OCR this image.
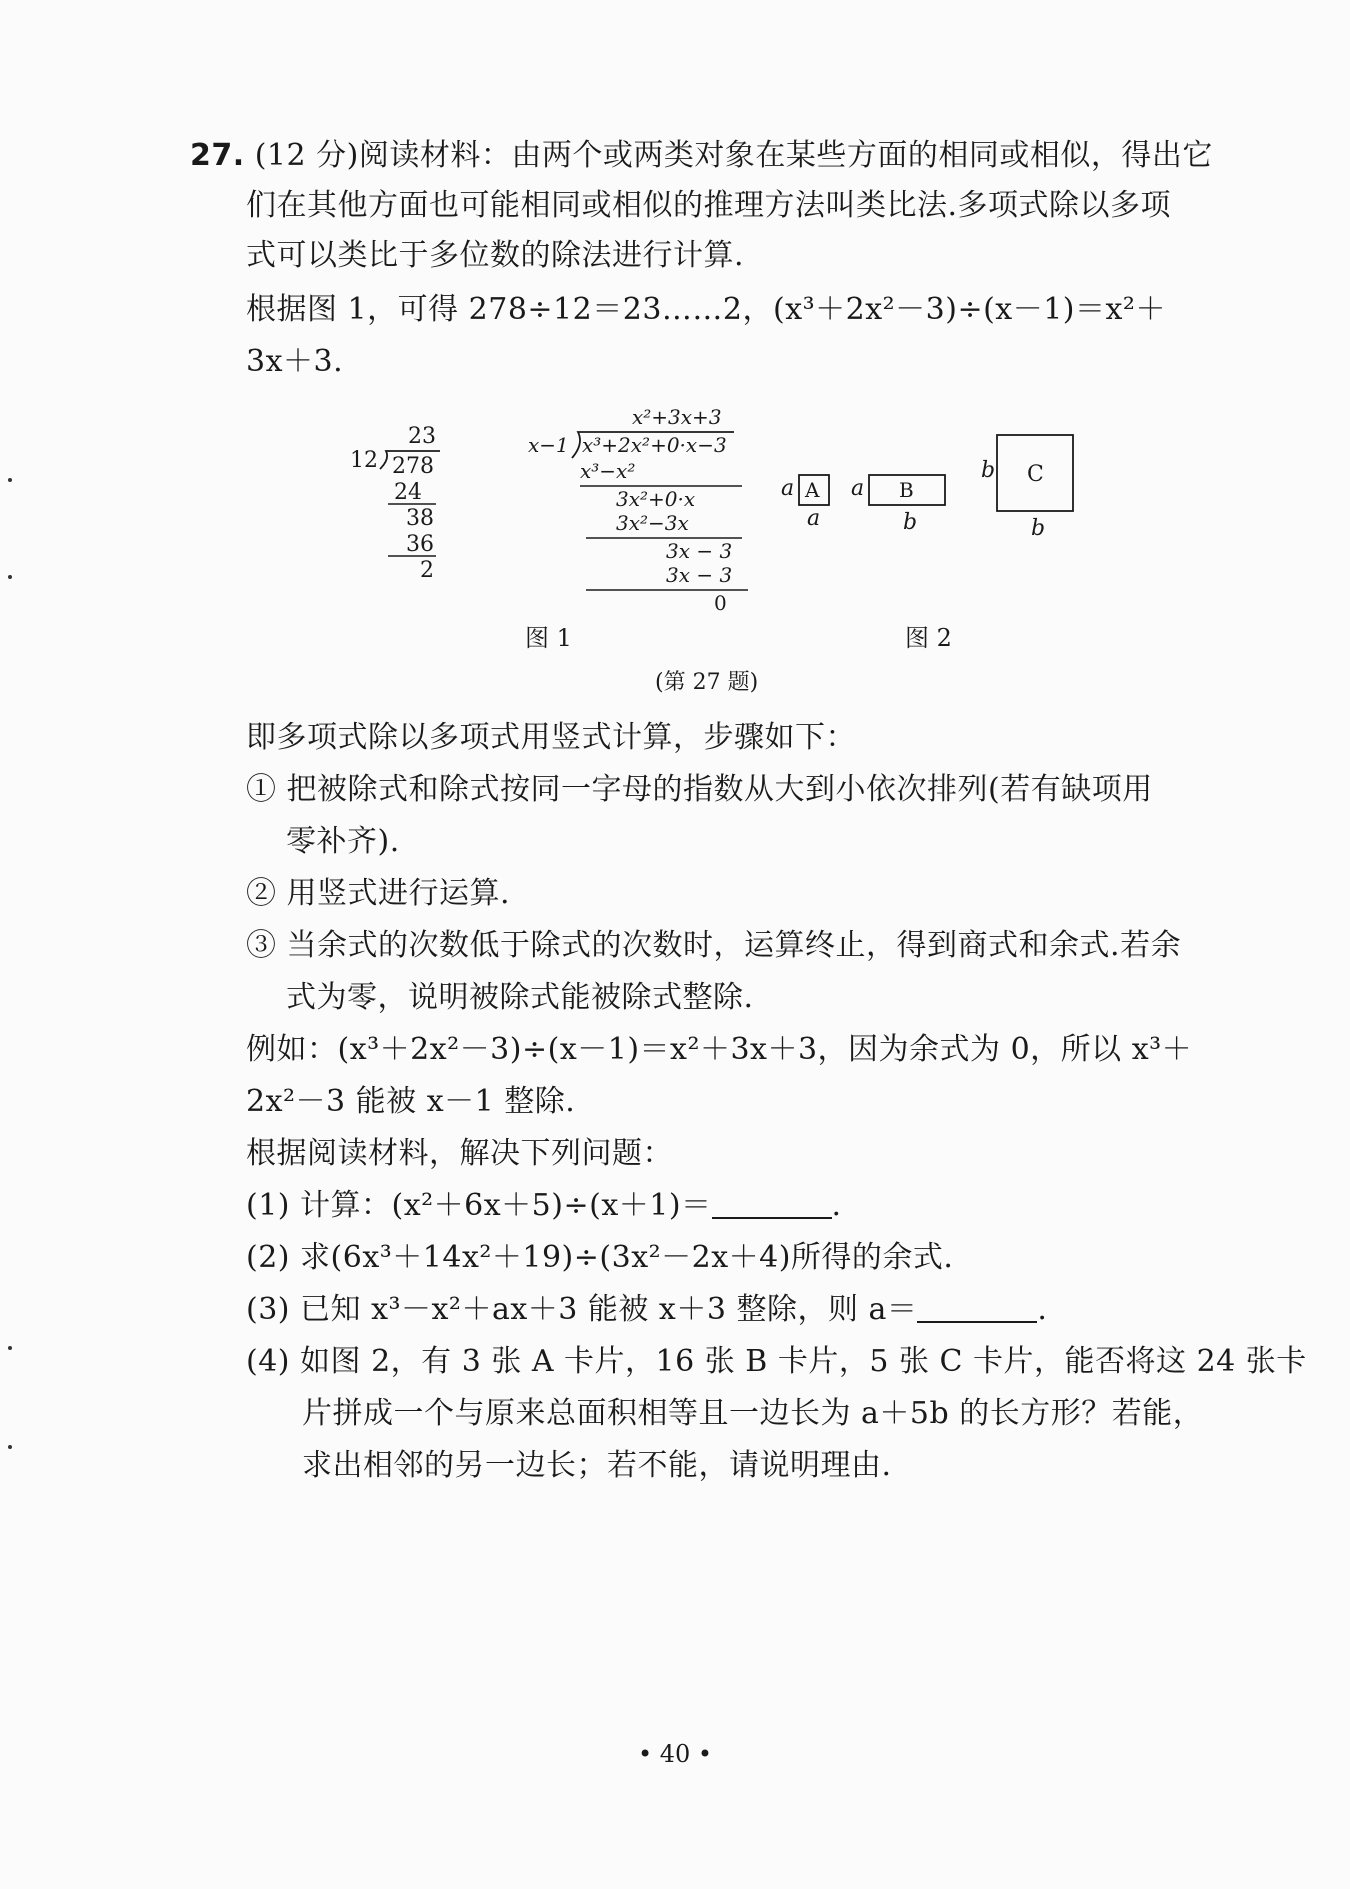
27. (12 分)阅读材料：由两个或两类对象在某些方面的相同或相似，得出它
们在其他方面也可能相同或相似的推理方法叫类比法.多项式除以多项
式可以类比于多位数的除法进行计算.
根据图 1，可得 278÷12＝23……2，(x³＋2x²－3)÷(x－1)＝x²＋
3x＋3.
23
12 278
24
38
36
2
x²+3x+3
x−1 x³+2x²+0·x−3
x³−x²
3x²+0·x
3x²−3x
3x − 3
3x − 3
0
图 1
a A
a
a B
b
b C
b
图 2
(第 27 题)
即多项式除以多项式用竖式计算，步骤如下：
① 把被除式和除式按同一字母的指数从大到小依次排列(若有缺项用
零补齐).
② 用竖式进行运算.
③ 当余式的次数低于除式的次数时，运算终止，得到商式和余式.若余
式为零，说明被除式能被除式整除.
例如：(x³＋2x²－3)÷(x－1)＝x²＋3x＋3，因为余式为 0，所以 x³＋
2x²－3 能被 x－1 整除.
根据阅读材料，解决下列问题：
(1) 计算：(x²＋6x＋5)÷(x＋1)＝	.
(2) 求(6x³＋14x²＋19)÷(3x²－2x＋4)所得的余式.
(3) 已知 x³－x²＋ax＋3 能被 x＋3 整除，则 a＝	.
(4) 如图 2，有 3 张 A 卡片，16 张 B 卡片，5 张 C 卡片，能否将这 24 张卡
片拼成一个与原来总面积相等且一边长为 a＋5b 的长方形？若能，
求出相邻的另一边长；若不能，请说明理由.
• 40 •
